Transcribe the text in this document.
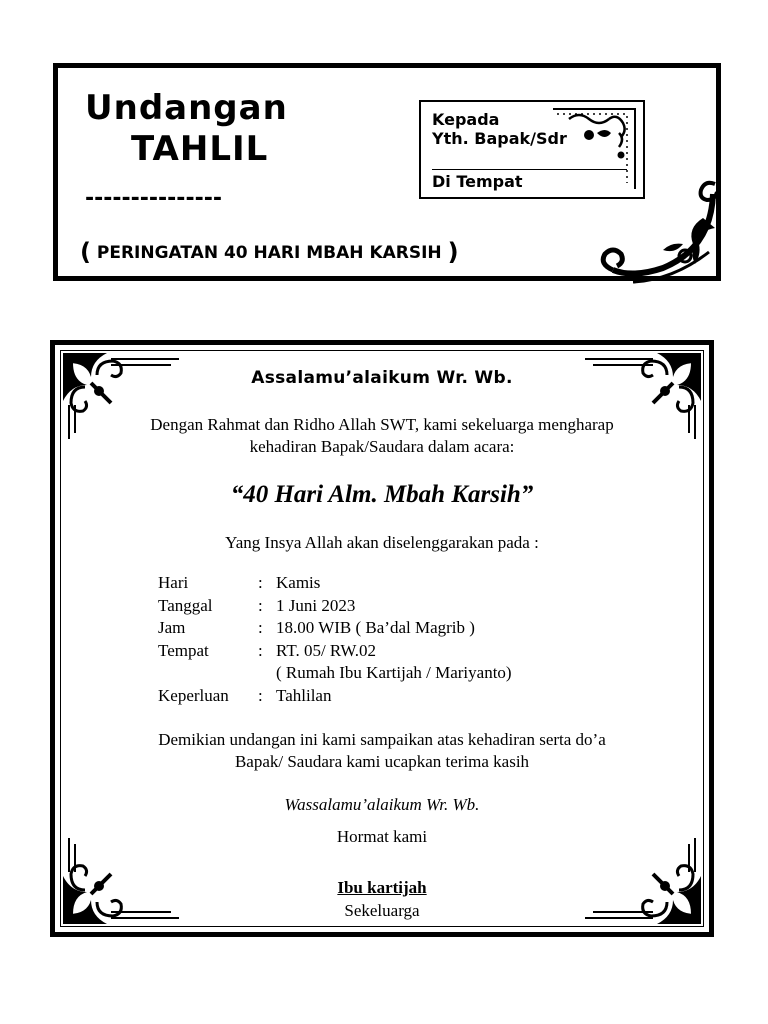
Undangan
TAHLIL
---------------
( PERINGATAN 40 HARI MBAH KARSIH )
Kepada
Yth. Bapak/Sdr
Di Tempat
Assalamu’alaikum Wr. Wb.
Dengan Rahmat dan Ridho Allah SWT, kami sekeluarga mengharap
kehadiran Bapak/Saudara dalam acara:
“40 Hari Alm. Mbah Karsih”
Yang Insya Allah akan diselenggarakan pada :
Hari	: Kamis
Tanggal	: 1 Juni 2023
Jam	: 18.00 WIB ( Ba’dal Magrib )
Tempat	: RT. 05/ RW.02
( Rumah Ibu Kartijah / Mariyanto)
Keperluan	: Tahlilan
Demikian undangan ini kami sampaikan atas kehadiran serta do’a
Bapak/ Saudara kami ucapkan terima kasih
Wassalamu’alaikum Wr. Wb.
Hormat kami
Ibu kartijah
Sekeluarga
